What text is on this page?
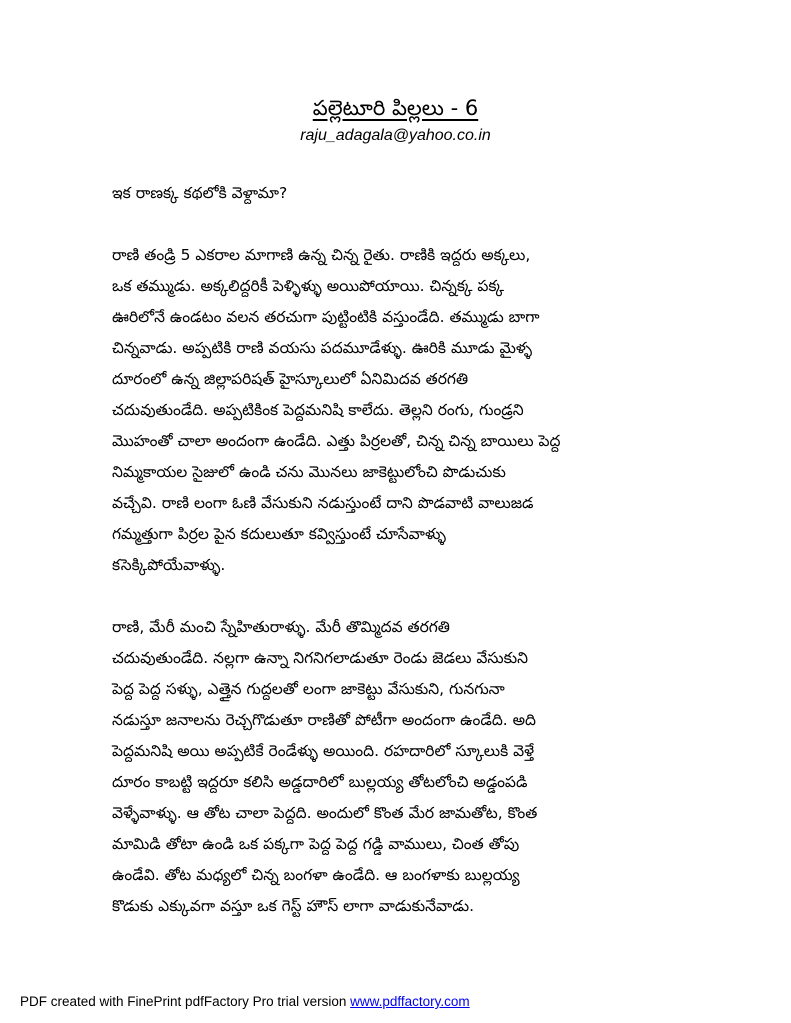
పల్లెటూరి పిల్లలు - 6
raju_adagala@yahoo.co.in

ఇక రాణక్క కథలోకి వెళ్దామా?

రాణి తండ్రి 5 ఎకరాల మాగాణి ఉన్న చిన్న రైతు. రాణికి ఇద్దరు అక్కలు,

ఒక తమ్ముడు. అక్కలిద్దరికీ పెళ్ళిళ్ళు అయిపోయాయి. చిన్నక్క పక్క

ఊరిలోనే ఉండటం వలన తరచుగా పుట్టింటికి వస్తుండేది. తమ్ముడు బాగా

చిన్నవాడు. అప్పటికి రాణి వయసు పదమూడేళ్ళు. ఊరికి మూడు మైళ్ళ

దూరంలో ఉన్న జిల్లాపరిషత్ హైస్కూలులో ఏనిమిదవ తరగతి

చదువుతుండేది. అప్పటికింక పెద్దమనిషి కాలేదు. తెల్లని రంగు, గుండ్రని

మొహంతో చాలా అందంగా ఉండేది. ఎత్తు పిర్రలతో, చిన్న చిన్న బాయిలు పెద్ద

నిమ్మకాయల సైజులో ఉండి చను మొనలు జాకెట్టులోంచి పొడుచుకు

వచ్చేవి. రాణి లంగా ఓణి వేసుకుని నడుస్తుంటే దాని పొడవాటి వాలుజడ

గమ్మత్తుగా పిర్రల పైన కదులుతూ కవ్విస్తుంటే చూసేవాళ్ళు

కసెక్కిపోయేవాళ్ళు.

రాణి, మేరీ మంచి స్నేహితురాళ్ళు. మేరీ తొమ్మిదవ తరగతి

చదువుతుండేది. నల్లగా ఉన్నా నిగనిగలాడుతూ రెండు జెడలు వేసుకుని

పెద్ద పెద్ద సళ్ళు, ఎత్తైన గుద్దలతో లంగా జాకెట్టు వేసుకుని, గునగునా

నడుస్తూ జనాలను రెచ్చగొడుతూ రాణితో పోటీగా అందంగా ఉండేది. అది

పెద్దమనిషి అయి అప్పటికే రెండేళ్ళు అయింది. రహదారిలో స్కూలుకి వెళ్తే

దూరం కాబట్టి ఇద్దరూ కలిసి అడ్డదారిలో బుల్లయ్య తోటలోంచి అడ్డంపడి

వెళ్ళేవాళ్ళు. ఆ తోట చాలా పెద్దది. అందులో కొంత మేర జామతోట, కొంత

మామిడి తోటా ఉండి ఒక పక్కగా పెద్ద పెద్ద గడ్డి వాములు, చింత తోపు

ఉండేవి. తోట మధ్యలో చిన్న బంగళా ఉండేది. ఆ బంగళాకు బుల్లయ్య

కొడుకు ఎక్కువగా వస్తూ ఒక గెస్ట్ హౌస్ లాగా వాడుకునేవాడు.

PDF created with FinePrint pdfFactory Pro trial version www.pdffactory.com
